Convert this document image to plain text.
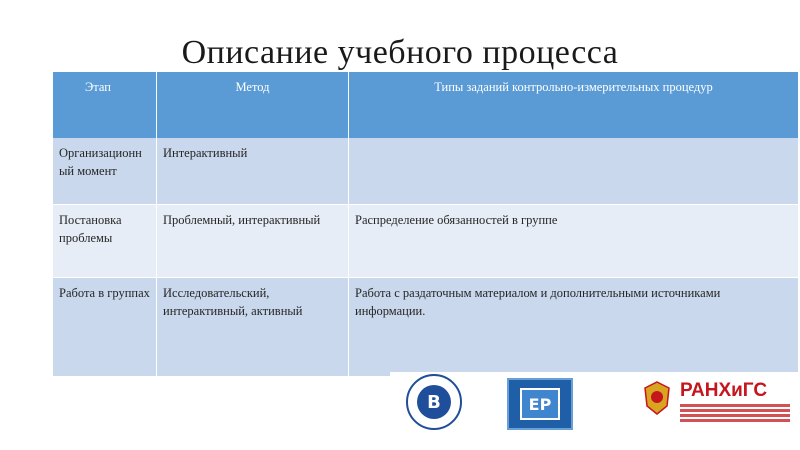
Описание учебного процесса
Этап	Метод	Типы заданий контрольно-измерительных процедур

Организационный момент	Интерактивный	

Постановка проблемы	Проблемный, интерактивный	Распределение обязанностей в группе

Работа в группах	Исследовательский, интерактивный, активный	Работа с раздаточным материалом и дополнительными источниками информации.
В	EP
РАНХиГС
